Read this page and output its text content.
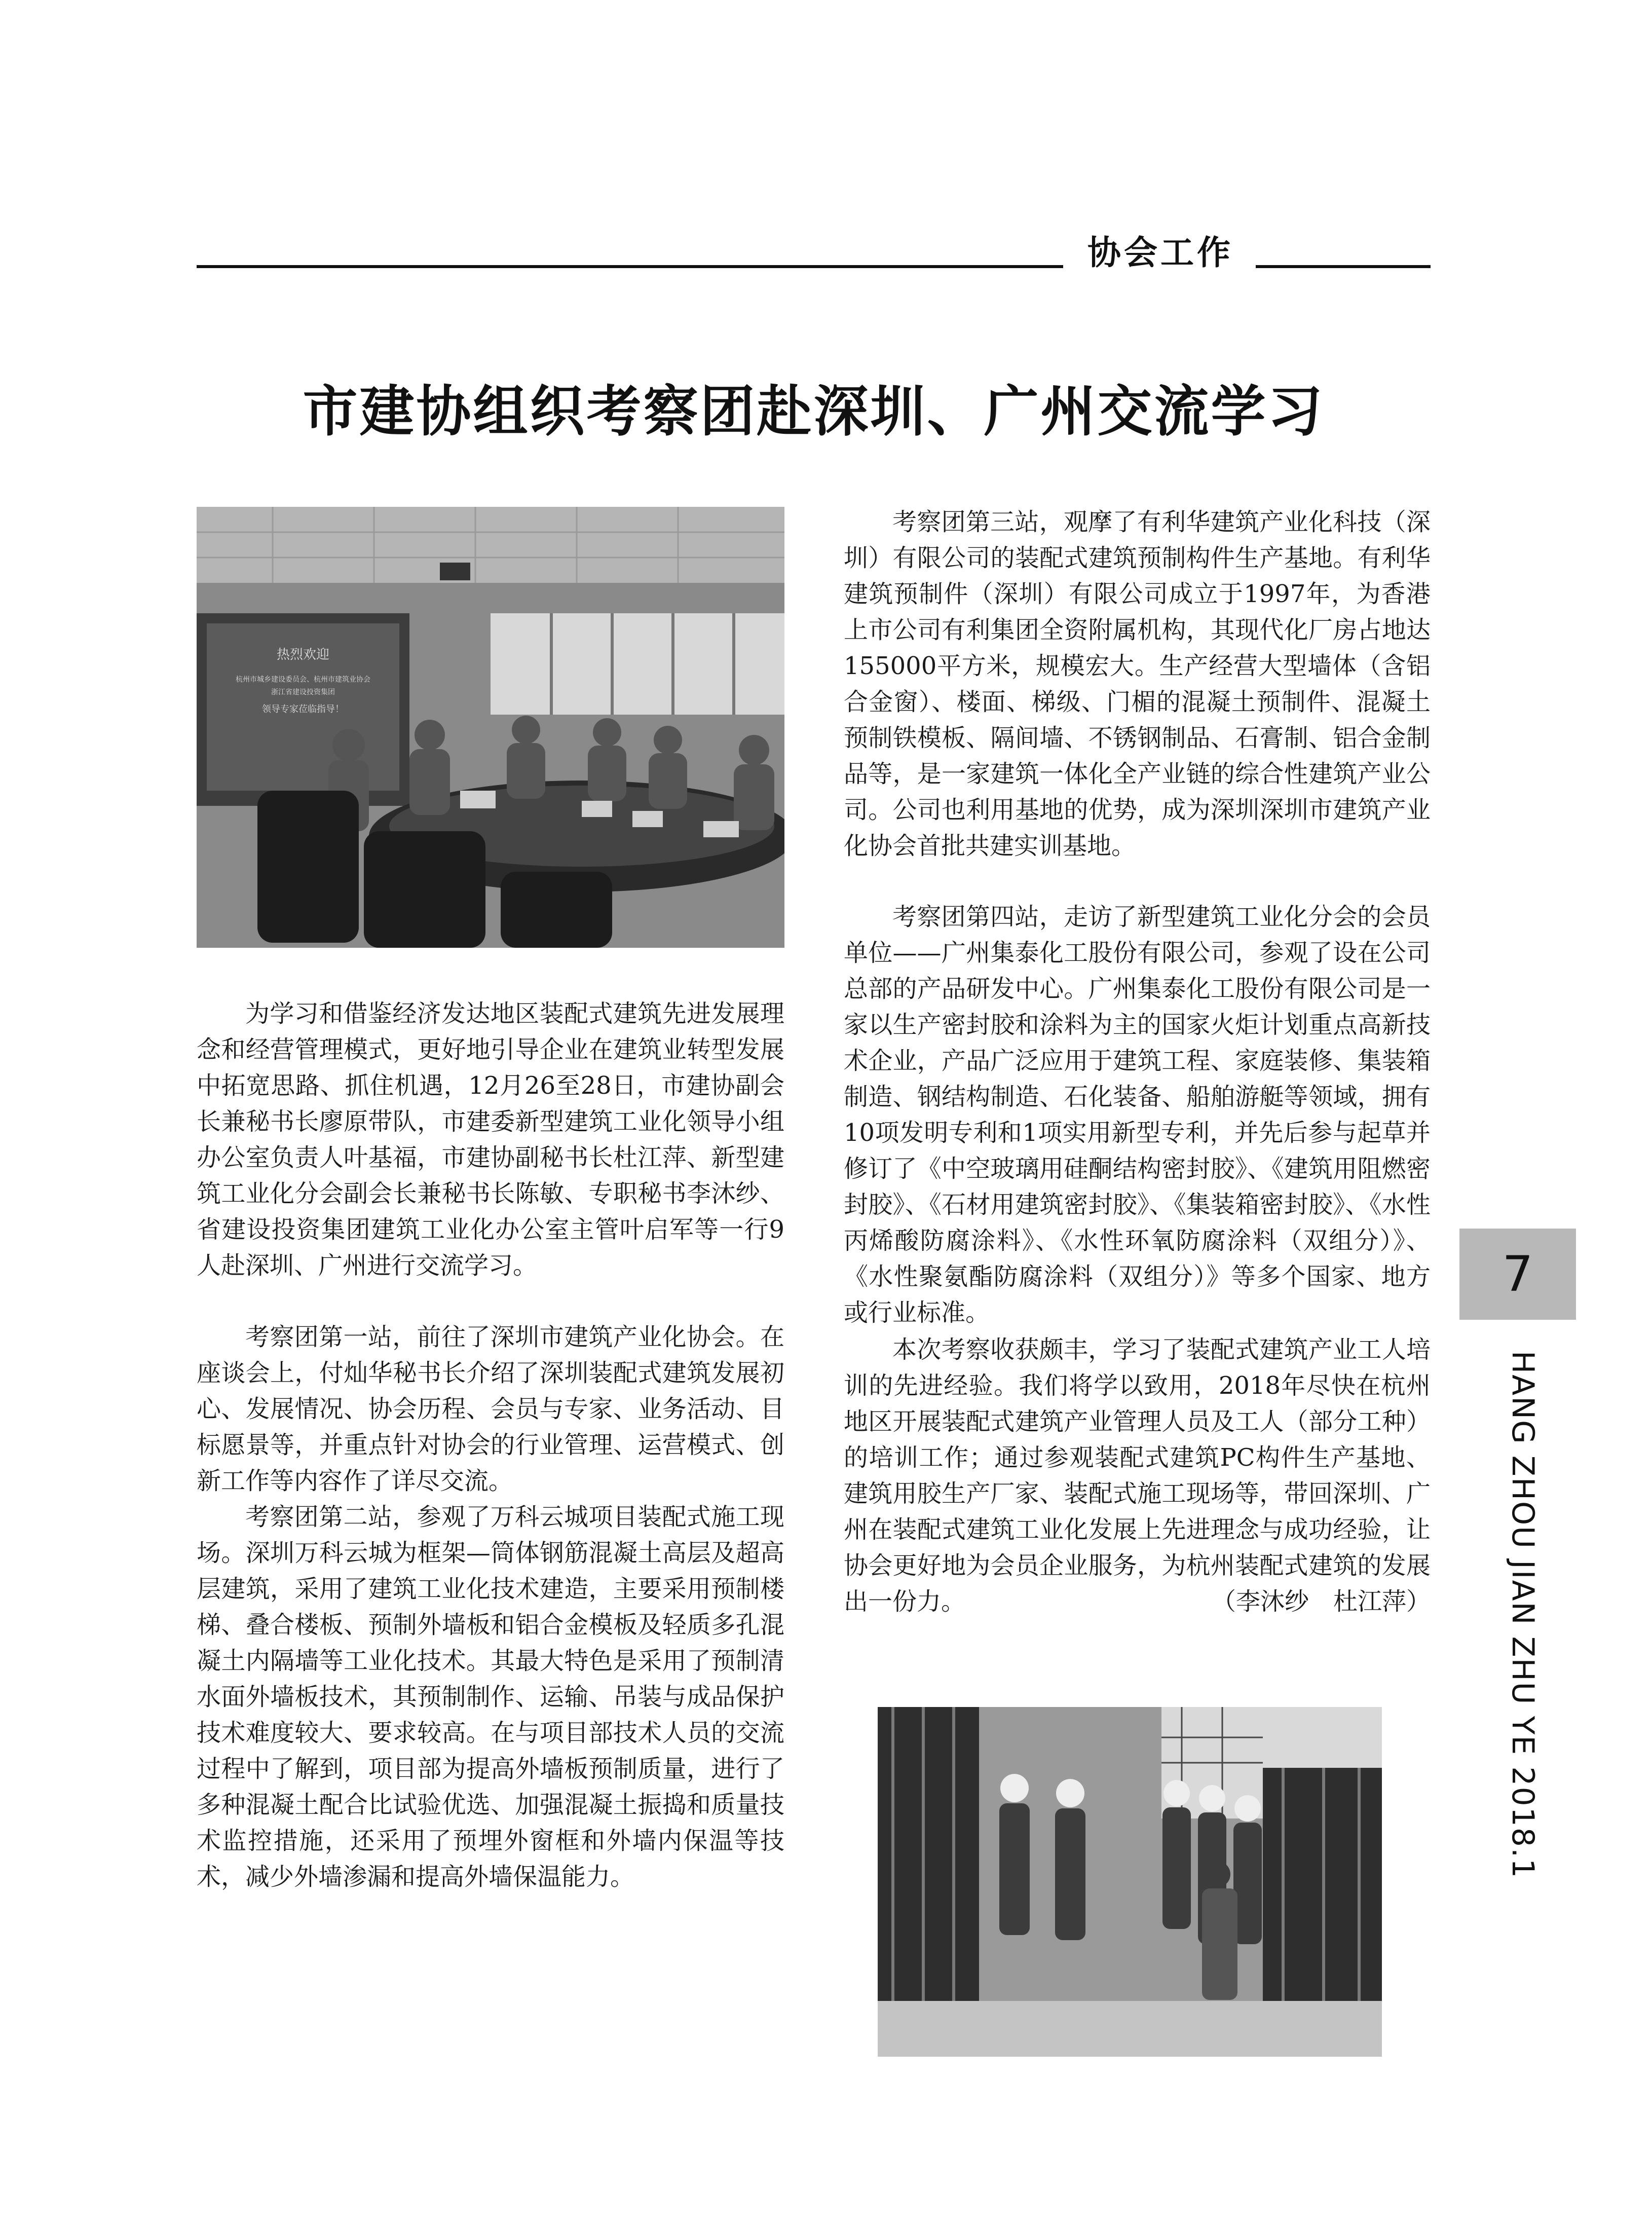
协会工作
市建协组织考察团赴深圳、广州交流学习
热烈欢迎
杭州市城乡建设委员会、杭州市建筑业协会
浙江省建设投资集团
领导专家莅临指导！

为学习和借鉴经济发达地区装配式建筑先进发展理念和经营管理模式，更好地引导企业在建筑业转型发展中拓宽思路、抓住机遇，12月26至28日，市建协副会长兼秘书长廖原带队，市建委新型建筑工业化领导小组办公室负责人叶基福，市建协副秘书长杜江萍、新型建筑工业化分会副会长兼秘书长陈敏、专职秘书李沐纱、省建设投资集团建筑工业化办公室主管叶启军等一行9人赴深圳、广州进行交流学习。

考察团第一站，前往了深圳市建筑产业化协会。在座谈会上，付灿华秘书长介绍了深圳装配式建筑发展初心、发展情况、协会历程、会员与专家、业务活动、目标愿景等，并重点针对协会的行业管理、运营模式、创新工作等内容作了详尽交流。

考察团第二站，参观了万科云城项目装配式施工现场。深圳万科云城为框架—筒体钢筋混凝土高层及超高层建筑，采用了建筑工业化技术建造，主要采用预制楼梯、叠合楼板、预制外墙板和铝合金模板及轻质多孔混凝土内隔墙等工业化技术。其最大特色是采用了预制清水面外墙板技术，其预制制作、运输、吊装与成品保护技术难度较大、要求较高。在与项目部技术人员的交流过程中了解到，项目部为提高外墙板预制质量，进行了多种混凝土配合比试验优选、加强混凝土振捣和质量技术监控措施，还采用了预埋外窗框和外墙内保温等技术，减少外墙渗漏和提高外墙保温能力。

考察团第三站，观摩了有利华建筑产业化科技（深圳）有限公司的装配式建筑预制构件生产基地。有利华建筑预制件（深圳）有限公司成立于1997年，为香港上市公司有利集团全资附属机构，其现代化厂房占地达155000平方米，规模宏大。生产经营大型墙体（含铝合金窗）、楼面、梯级、门楣的混凝土预制件、混凝土预制铁模板、隔间墙、不锈钢制品、石膏制、铝合金制品等，是一家建筑一体化全产业链的综合性建筑产业公司。公司也利用基地的优势，成为深圳深圳市建筑产业化协会首批共建实训基地。

考察团第四站，走访了新型建筑工业化分会的会员单位——广州集泰化工股份有限公司，参观了设在公司总部的产品研发中心。广州集泰化工股份有限公司是一家以生产密封胶和涂料为主的国家火炬计划重点高新技术企业，产品广泛应用于建筑工程、家庭装修、集装箱制造、钢结构制造、石化装备、船舶游艇等领域，拥有10项发明专利和1项实用新型专利，并先后参与起草并修订了《中空玻璃用硅酮结构密封胶》、《建筑用阻燃密封胶》、《石材用建筑密封胶》、《集装箱密封胶》、《水性丙烯酸防腐涂料》、《水性环氧防腐涂料（双组分）》、《水性聚氨酯防腐涂料（双组分）》等多个国家、地方或行业标准。

本次考察收获颇丰，学习了装配式建筑产业工人培训的先进经验。我们将学以致用，2018年尽快在杭州地区开展装配式建筑产业管理人员及工人（部分工种）的培训工作；通过参观装配式建筑PC构件生产基地、建筑用胶生产厂家、装配式施工现场等，带回深圳、广州在装配式建筑工业化发展上先进理念与成功经验，让协会更好地为会员企业服务，为杭州装配式建筑的发展出一份力。	（李沐纱　杜江萍）

7
HANG ZHOU JIAN ZHU YE 2018.1
